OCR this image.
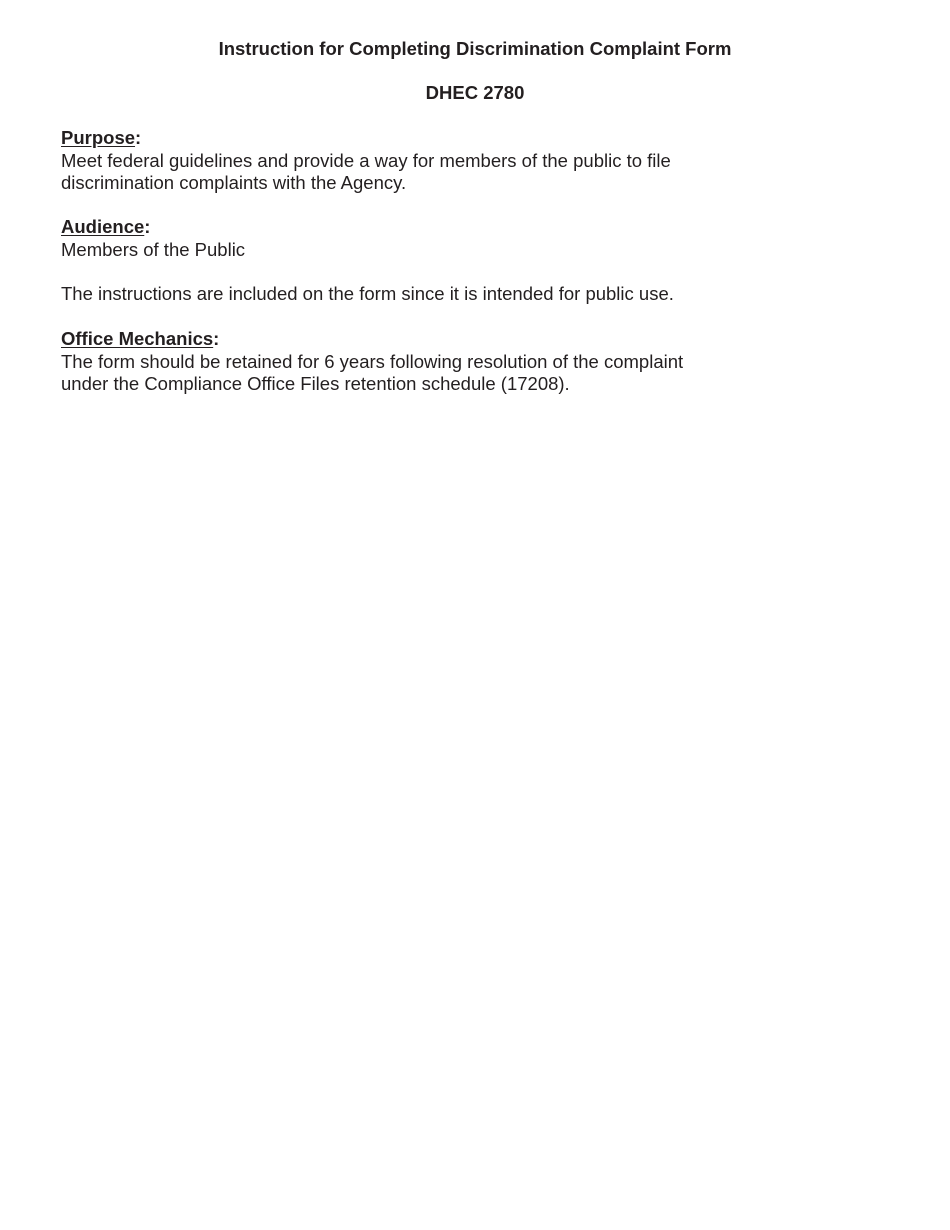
Instruction for Completing Discrimination Complaint Form
DHEC 2780

Purpose:

Meet federal guidelines and provide a way for members of the public to file

discrimination complaints with the Agency.

Audience:

Members of the Public

The instructions are included on the form since it is intended for public use.

Office Mechanics:

The form should be retained for 6 years following resolution of the complaint

under the Compliance Office Files retention schedule (17208).
